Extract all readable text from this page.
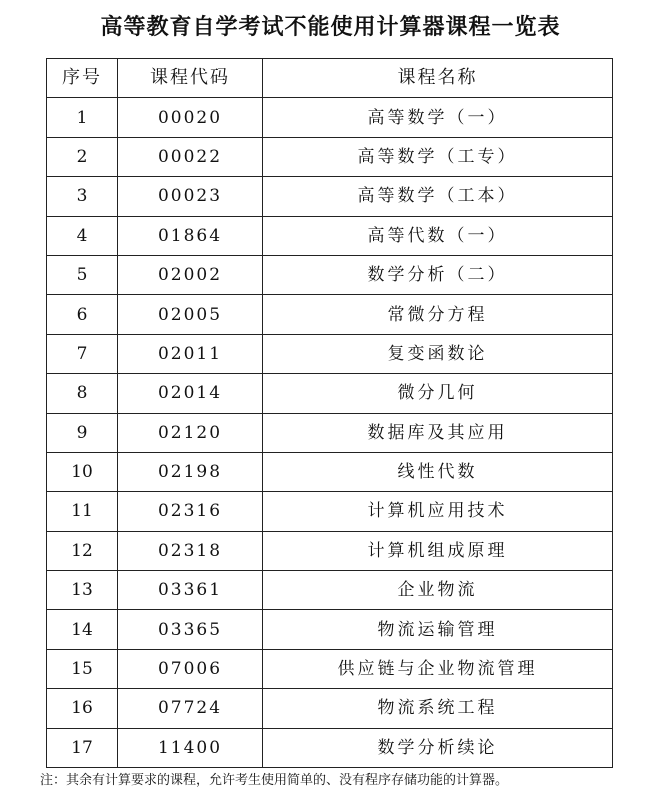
高等教育自学考试不能使用计算器课程一览表
序号	课程代码	课程名称
1	00020	高等数学（一）
2	00022	高等数学（工专）
3	00023	高等数学（工本）
4	01864	高等代数（一）
5	02002	数学分析（二）
6	02005	常微分方程
7	02011	复变函数论
8	02014	微分几何
9	02120	数据库及其应用
10	02198	线性代数
11	02316	计算机应用技术
12	02318	计算机组成原理
13	03361	企业物流
14	03365	物流运输管理
15	07006	供应链与企业物流管理
16	07724	物流系统工程
17	11400	数学分析续论
注：其余有计算要求的课程，允许考生使用简单的、没有程序存储功能的计算器。
